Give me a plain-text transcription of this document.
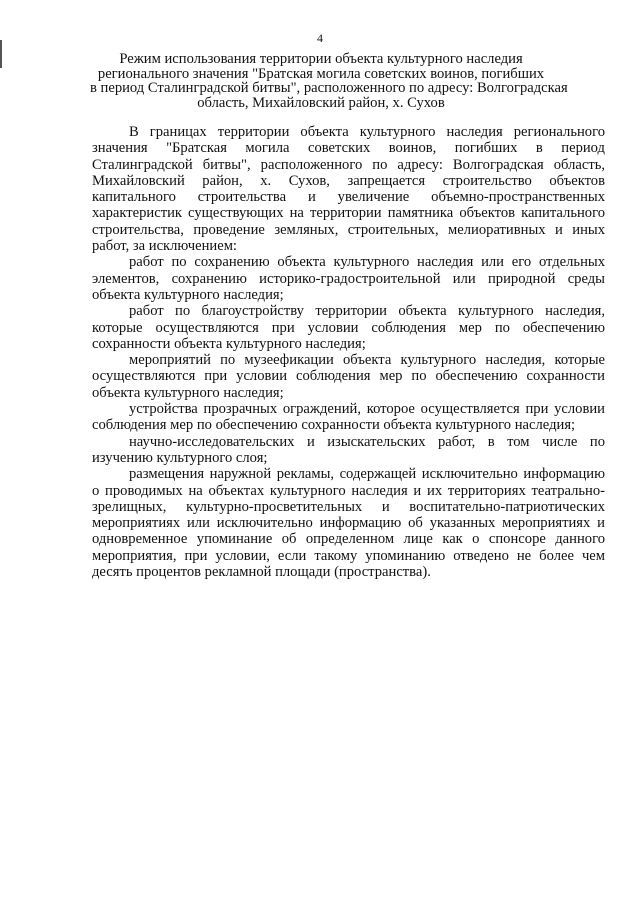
4
Режим использования территории объекта культурного наследия
регионального значения "Братская могила советских воинов, погибших
в период Сталинградской битвы", расположенного по адресу: Волгоградская
область, Михайловский район, х. Сухов

В границах территории объекта культурного наследия регионального значения "Братская могила советских воинов, погибших в период Сталинградской битвы", расположенного по адресу: Волгоградская область, Михайловский район, х. Сухов, запрещается строительство объектов капитального строительства и увеличение объемно-пространственных характеристик существующих на территории памятника объектов капитального строительства, проведение земляных, строительных, мелиоративных и иных работ, за исключением:

работ по сохранению объекта культурного наследия или его отдельных элементов, сохранению историко-градостроительной или природной среды объекта культурного наследия;

работ по благоустройству территории объекта культурного наследия, которые осуществляются при условии соблюдения мер по обеспечению сохранности объекта культурного наследия;

мероприятий по музеефикации объекта культурного наследия, которые осуществляются при условии соблюдения мер по обеспечению сохранности объекта культурного наследия;

устройства прозрачных ограждений, которое осуществляется при условии соблюдения мер по обеспечению сохранности объекта культурного наследия;

научно-исследовательских и изыскательских работ, в том числе по изучению культурного слоя;

размещения наружной рекламы, содержащей исключительно информацию о проводимых на объектах культурного наследия и их территориях театрально-зрелищных, культурно-просветительных и воспитательно-патриотических мероприятиях или исключительно информацию об указанных мероприятиях и одновременное упоминание об определенном лице как о спонсоре данного мероприятия, при условии, если такому упоминанию отведено не более чем десять процентов рекламной площади (пространства).
